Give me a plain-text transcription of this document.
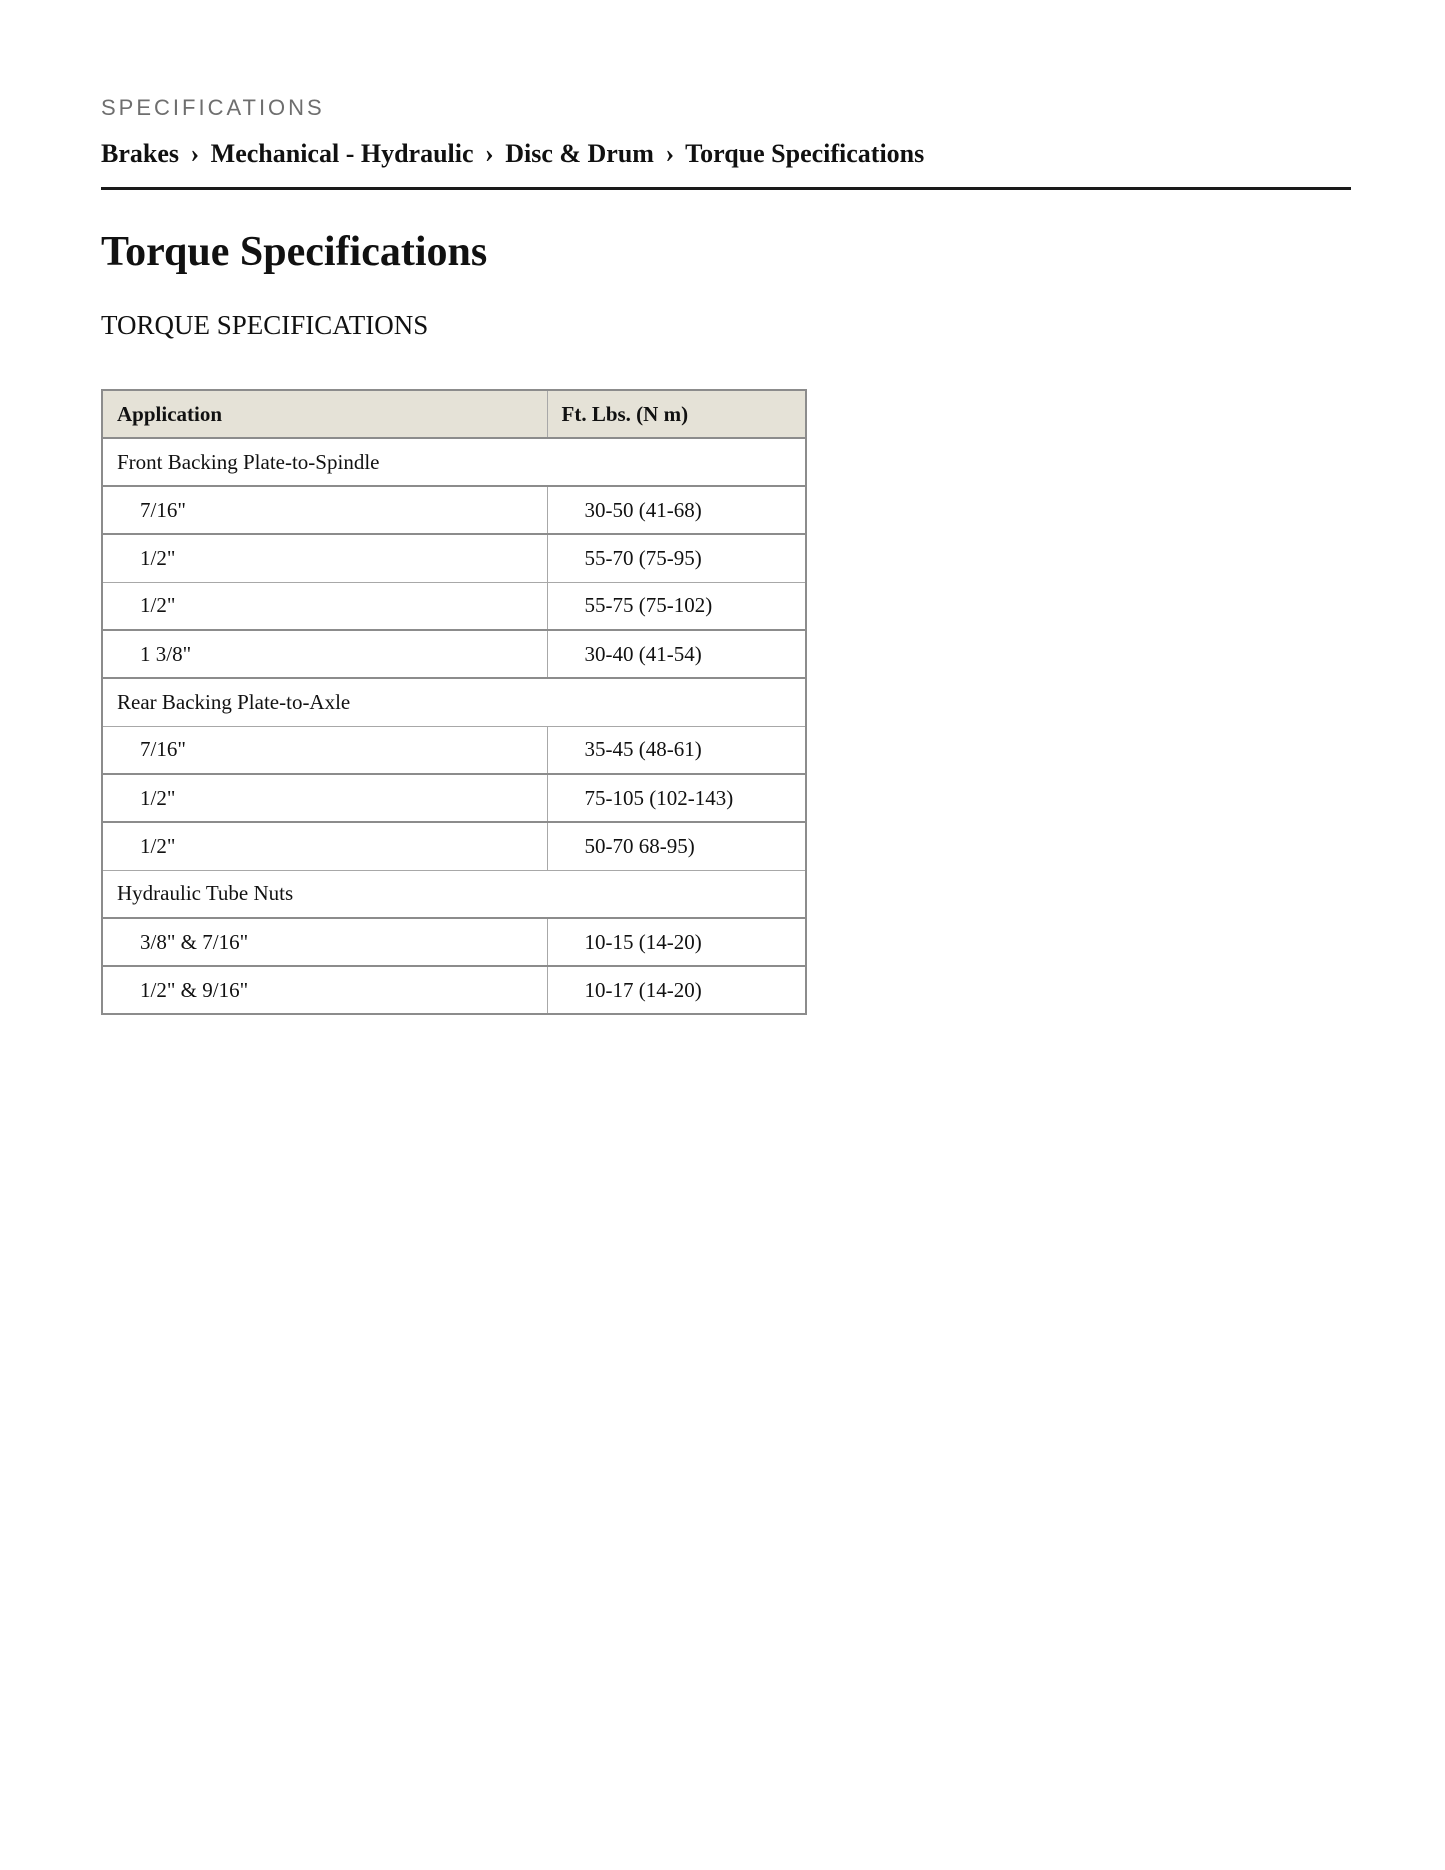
SPECIFICATIONS
Brakes › Mechanical - Hydraulic › Disc & Drum › Torque Specifications
Torque Specifications
TORQUE SPECIFICATIONS
Application	Ft. Lbs. (N m)
Front Backing Plate-to-Spindle	
7/16"	30-50 (41-68)
1/2"	55-70 (75-95)
1/2"	55-75 (75-102)
1 3/8"	30-40 (41-54)
Rear Backing Plate-to-Axle	
7/16"	35-45 (48-61)
1/2"	75-105 (102-143)
1/2"	50-70 68-95)
Hydraulic Tube Nuts	
3/8" & 7/16"	10-15 (14-20)
1/2" & 9/16"	10-17 (14-20)
